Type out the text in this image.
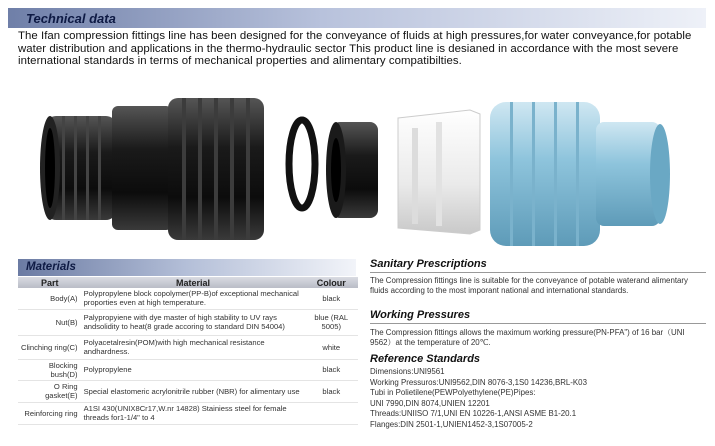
Technical data
The Ifan compression fittings line has been designed for the conveyance of fluids at high pressures,for water conveyance,for potable water distribution and applications in the thermo-hydraulic sector This product line is desianed in accordance with the most severe international standards in terms of mechanical properties and alimentary compatibilties.
Materials
Part	Material	Colour
Body(A)	Polypropylene block copolymer(PP-B)of exceptional mechanical proporties even at high temperature.	black
Nut(B)	Palypropyiene with dye master of high stability to UV rays andsolidity to heat(8 grade accoring to standard DIN 54004)	blue (RAL 5005)
Clinching ring(C)	Polyacetalresin(POM)with high mechanical resistance andhardness.	white
Blocking bush(D)	Polypropylene	black
O Ring gasket(E)	Special elastomeric acrylonitrile rubber (NBR) for alimentary use	black
Reinforcing ring	A1SI 430(UNIX8Cr17,W.nr 14828) Stainiess steel for female threads for1-1/4" to 4	
Sanitary Prescriptions
The Compression fittings line is suitable for the conveyance of potable waterand alimentary fluids according to the most imporant national and international standards.
Working Pressures
The Compression fittings allows the maximum working pressure(PN-PFA") of 16 bar（UNI 9562）at the temperature of 20℃.
Reference Standards
Dimensions:UNI9561
Working Pressuros:UNI9562,DIN 8076-3,1S0 14236,BRL-K03
Tubi in Polietilene(PEWPolyethylene(PE)Pipes:
UNI 7990,DIN 8074,UNIEN 12201
Threads:UNIISO 7/1,UNI EN 10226-1,ANSI ASME B1-20.1
Flanges:DIN 2501-1,UNIEN1452-3,1S07005-2
